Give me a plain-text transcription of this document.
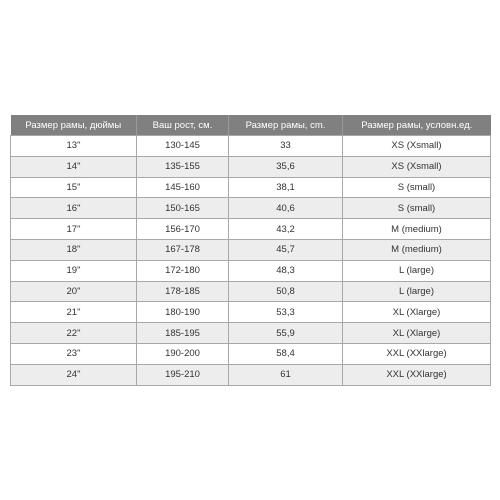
Размер рамы, дюймы	Ваш рост, см.	Размер рамы, cm.	Размер рамы, условн.ед.
13"	130-145	33	XS (Xsmall)
14"	135-155	35,6	XS (Xsmall)
15"	145-160	38,1	S (small)
16"	150-165	40,6	S (small)
17"	156-170	43,2	M (medium)
18"	167-178	45,7	M (medium)
19"	172-180	48,3	L (large)
20"	178-185	50,8	L (large)
21"	180-190	53,3	XL (Xlarge)
22"	185-195	55,9	XL (Xlarge)
23"	190-200	58,4	XXL (XXlarge)
24"	195-210	61	XXL (XXlarge)
